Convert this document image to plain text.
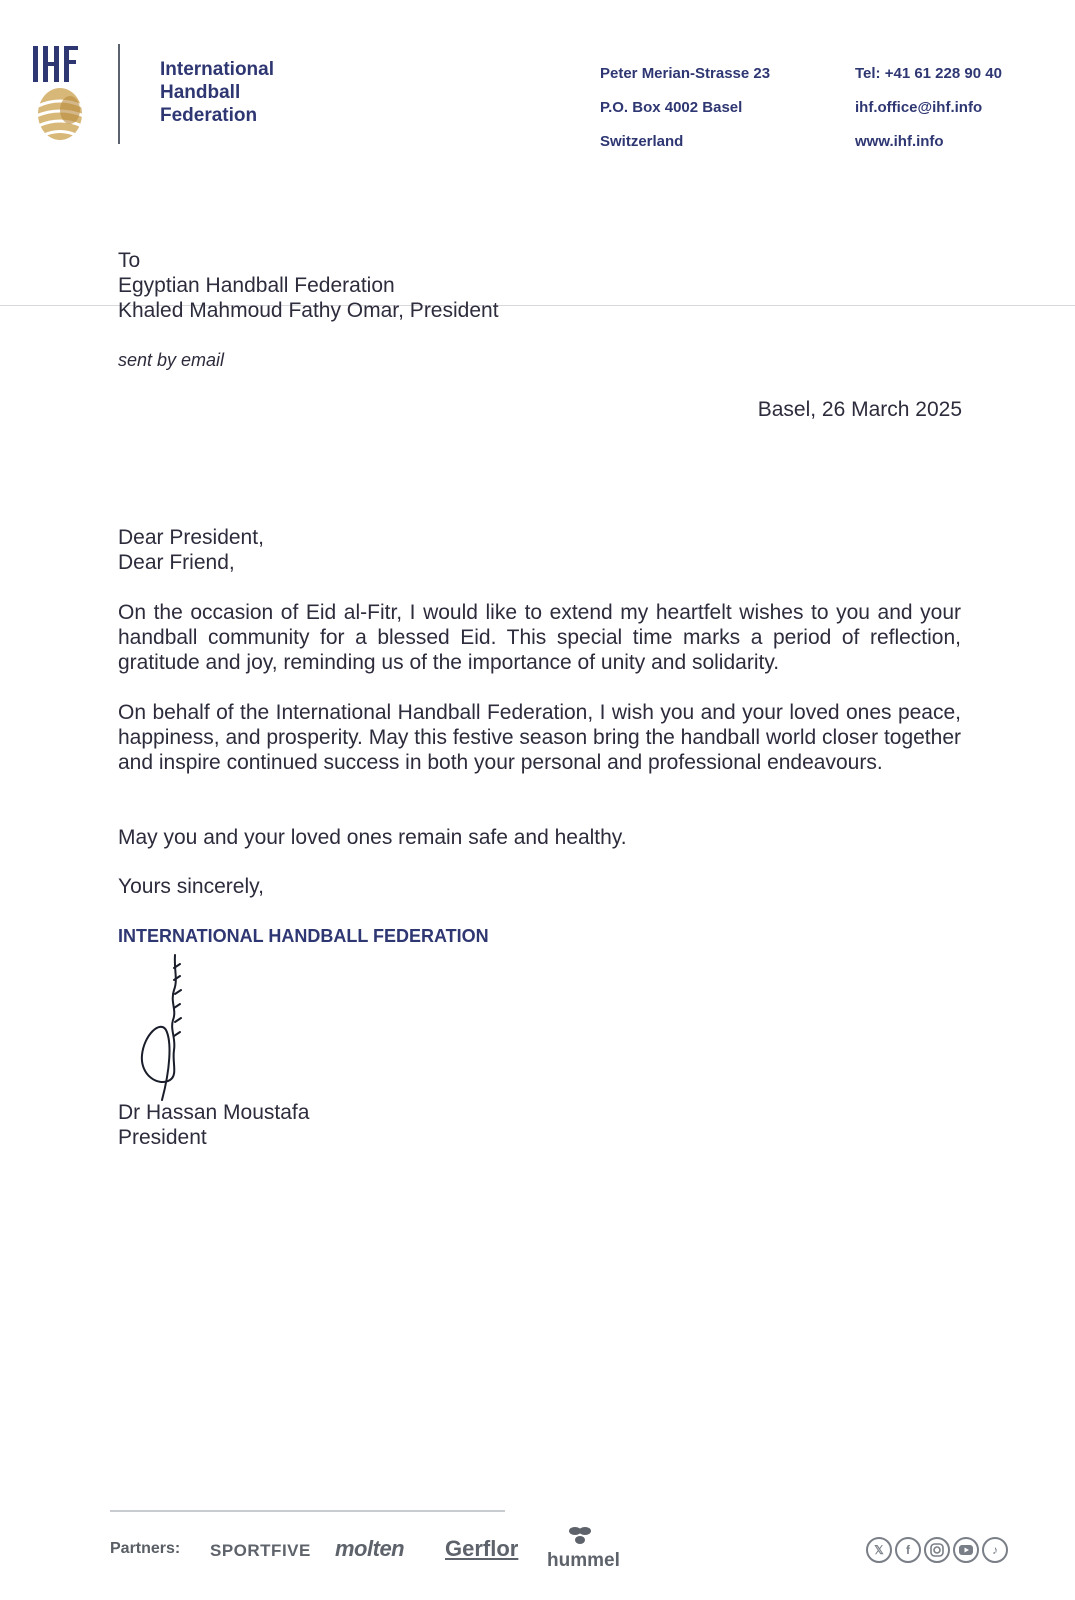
International
Handball
Federation
Peter Merian-Strasse 23
P.O. Box 4002 Basel
Switzerland
Tel: +41 61 228 90 40
ihf.office@ihf.info
www.ihf.info
To
Egyptian Handball Federation
Khaled Mahmoud Fathy Omar, President
sent by email
Basel, 26 March 2025
Dear President,
Dear Friend,
On the occasion of Eid al-Fitr, I would like to extend my heartfelt wishes to you and your handball community for a blessed Eid. This special time marks a period of reflection, gratitude and joy, reminding us of the importance of unity and solidarity.
On behalf of the International Handball Federation, I wish you and your loved ones peace, happiness, and prosperity. May this festive season bring the handball world closer together and inspire continued success in both your personal and professional endeavours.
May you and your loved ones remain safe and healthy.
Yours sincerely,
INTERNATIONAL HANDBALL FEDERATION
Dr Hassan Moustafa
President
Partners: SPORTFIVE molten Gerflor hummel	𝕏	f	♪
